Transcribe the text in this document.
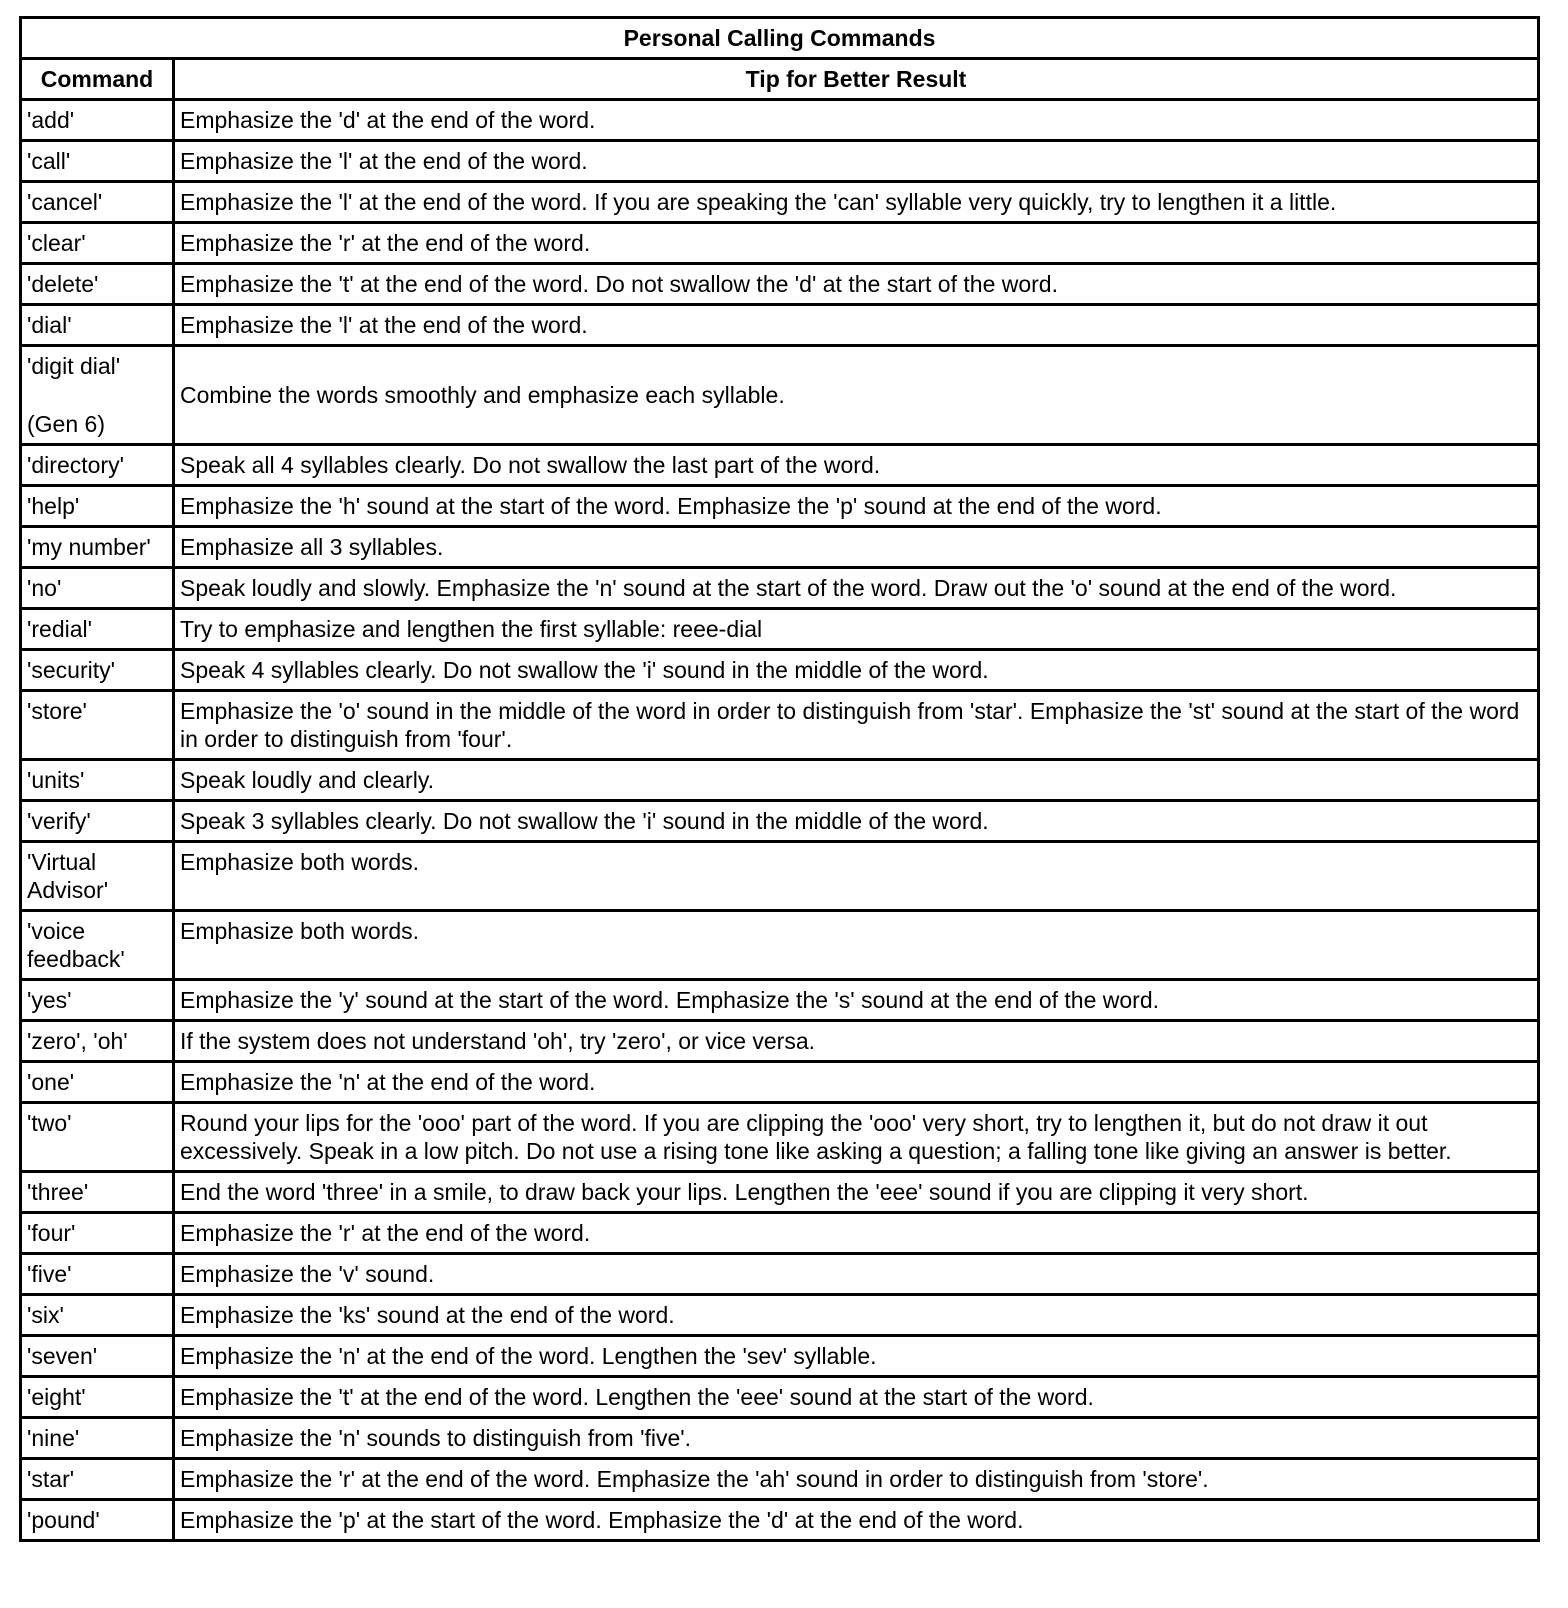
Personal Calling Commands	
Command	Tip for Better Result

'add'	Emphasize the 'd' at the end of the word.

'call'	Emphasize the 'l' at the end of the word.

'cancel'	Emphasize the 'l' at the end of the word. If you are speaking the 'can' syllable very quickly, try to lengthen it a little.

'clear'	Emphasize the 'r' at the end of the word.

'delete'	Emphasize the 't' at the end of the word. Do not swallow the 'd' at the start of the word.

'dial'	Emphasize the 'l' at the end of the word.

'digit dial'
(Gen 6)	Combine the words smoothly and emphasize each syllable.

'directory'	Speak all 4 syllables clearly. Do not swallow the last part of the word.

'help'	Emphasize the 'h' sound at the start of the word. Emphasize the 'p' sound at the end of the word.

'my number'	Emphasize all 3 syllables.

'no'	Speak loudly and slowly. Emphasize the 'n' sound at the start of the word. Draw out the 'o' sound at the end of the word.

'redial'	Try to emphasize and lengthen the first syllable: reee-dial

'security'	Speak 4 syllables clearly. Do not swallow the 'i' sound in the middle of the word.

'store'	Emphasize the 'o' sound in the middle of the word in order to distinguish from 'star'. Emphasize the 'st' sound at the start of the word in order to distinguish from 'four'.

'units'	Speak loudly and clearly.

'verify'	Speak 3 syllables clearly. Do not swallow the 'i' sound in the middle of the word.

'Virtual Advisor'	Emphasize both words.

'voice feedback'	Emphasize both words.

'yes'	Emphasize the 'y' sound at the start of the word. Emphasize the 's' sound at the end of the word.

'zero', 'oh'	If the system does not understand 'oh', try 'zero', or vice versa.

'one'	Emphasize the 'n' at the end of the word.

'two'	Round your lips for the 'ooo' part of the word. If you are clipping the 'ooo' very short, try to lengthen it, but do not draw it out excessively. Speak in a low pitch. Do not use a rising tone like asking a question; a falling tone like giving an answer is better.

'three'	End the word 'three' in a smile, to draw back your lips. Lengthen the 'eee' sound if you are clipping it very short.

'four'	Emphasize the 'r' at the end of the word.

'five'	Emphasize the 'v' sound.

'six'	Emphasize the 'ks' sound at the end of the word.

'seven'	Emphasize the 'n' at the end of the word. Lengthen the 'sev' syllable.

'eight'	Emphasize the 't' at the end of the word. Lengthen the 'eee' sound at the start of the word.

'nine'	Emphasize the 'n' sounds to distinguish from 'five'.

'star'	Emphasize the 'r' at the end of the word. Emphasize the 'ah' sound in order to distinguish from 'store'.

'pound'	Emphasize the 'p' at the start of the word. Emphasize the 'd' at the end of the word.
